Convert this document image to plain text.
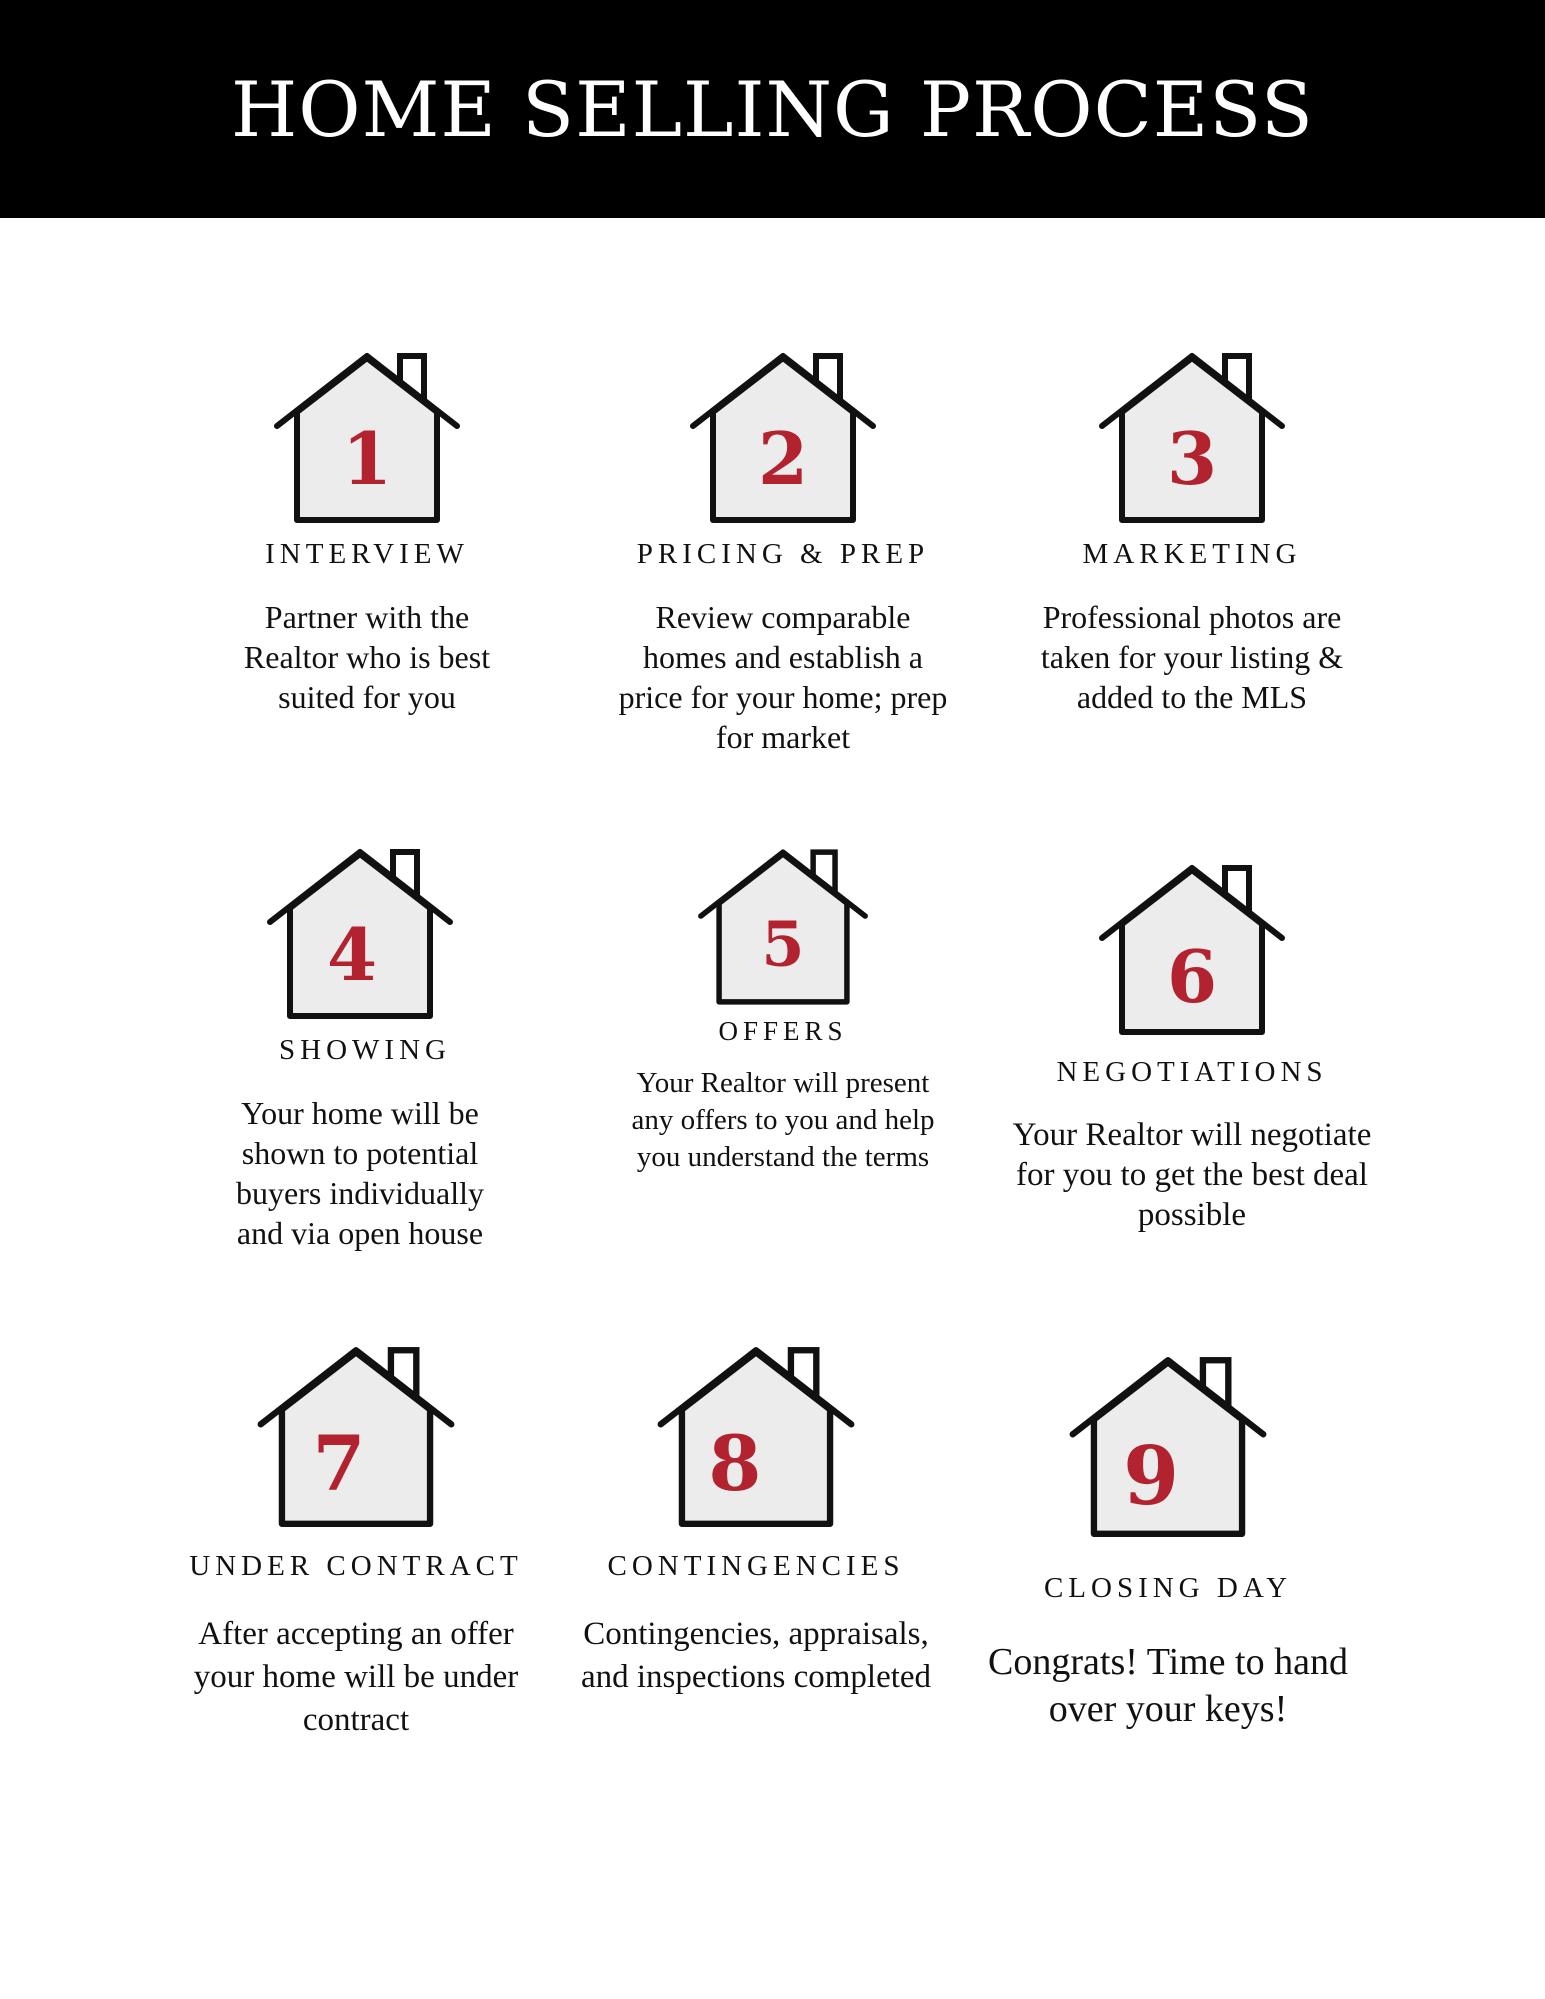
HOME SELLING PROCESS
1
INTERVIEW
Partner with the Realtor who is best suited for you
2
PRICING & PREP
Review comparable homes and establish a price for your home; prep for market
3
MARKETING
Professional photos are taken for your listing & added to the MLS
4
SHOWING
Your home will be shown to potential buyers individually and via open house
5
OFFERS
Your Realtor will present any offers to you and help you understand the terms
6
NEGOTIATIONS
Your Realtor will negotiate for you to get the best deal possible
7
UNDER CONTRACT
After accepting an offer your home will be under contract
8
CONTINGENCIES
Contingencies, appraisals, and inspections completed
9
CLOSING DAY
Congrats! Time to hand over your keys!
